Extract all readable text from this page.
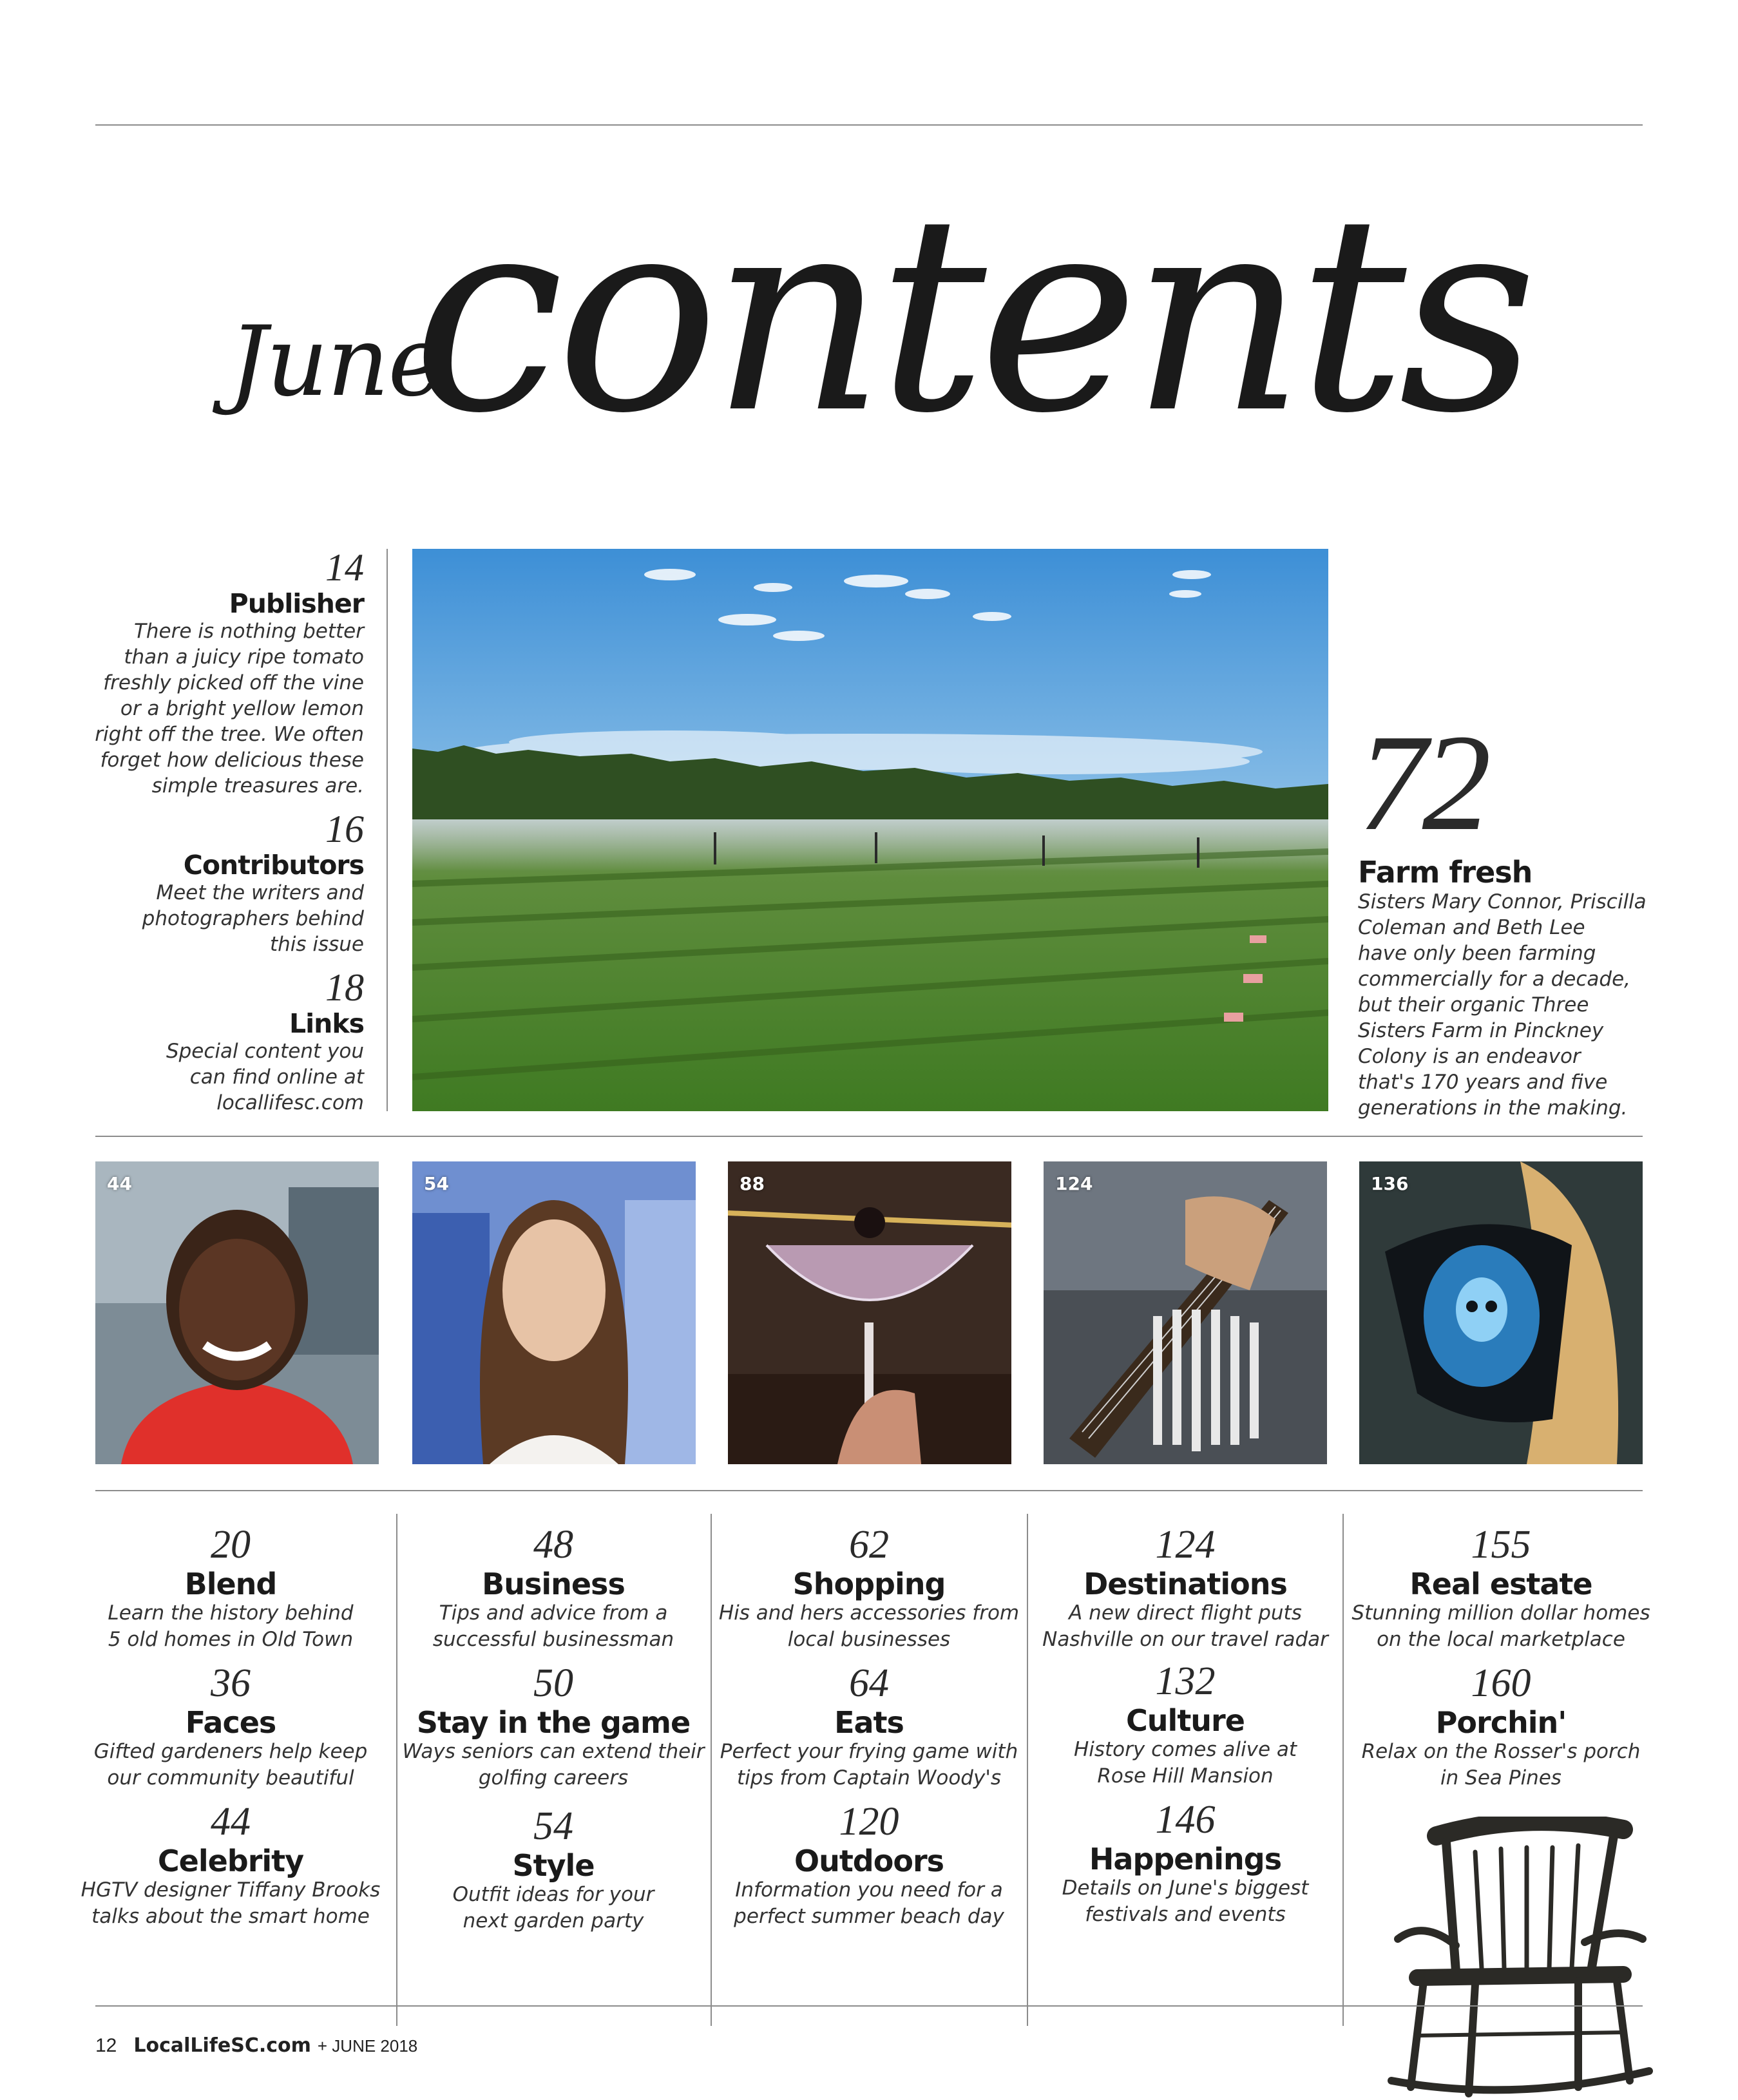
June
contents
14
Publisher
There is nothing better
than a juicy ripe tomato
freshly picked off the vine
or a bright yellow lemon
right off the tree. We often
forget how delicious these
simple treasures are.
16
Contributors
Meet the writers and
photographers behind
this issue
18
Links
Special content you
can find online at
locallifesc.com
72
Farm fresh
Sisters Mary Connor, Priscilla
Coleman and Beth Lee
have only been farming
commercially for a decade,
but their organic Three
Sisters Farm in Pinckney
Colony is an endeavor
that's 170 years and five
generations in the making.
44	54	88	124	136
20
Blend
Learn the history behind
5 old homes in Old Town
36
Faces
Gifted gardeners help keep
our community beautiful
44
Celebrity
HGTV designer Tiffany Brooks
talks about the smart home
48
Business
Tips and advice from a
successful businessman
50
Stay in the game
Ways seniors can extend their
golfing careers
54
Style
Outfit ideas for your
next garden party
62
Shopping
His and hers accessories from
local businesses
64
Eats
Perfect your frying game with
tips from Captain Woody's
120
Outdoors
Information you need for a
perfect summer beach day
124
Destinations
A new direct flight puts
Nashville on our travel radar
132
Culture
History comes alive at
Rose Hill Mansion
146
Happenings
Details on June's biggest
festivals and events
155
Real estate
Stunning million dollar homes
on the local marketplace
160
Porchin'
Relax on the Rosser's porch
in Sea Pines
12 LocalLifeSC.com + JUNE 2018
